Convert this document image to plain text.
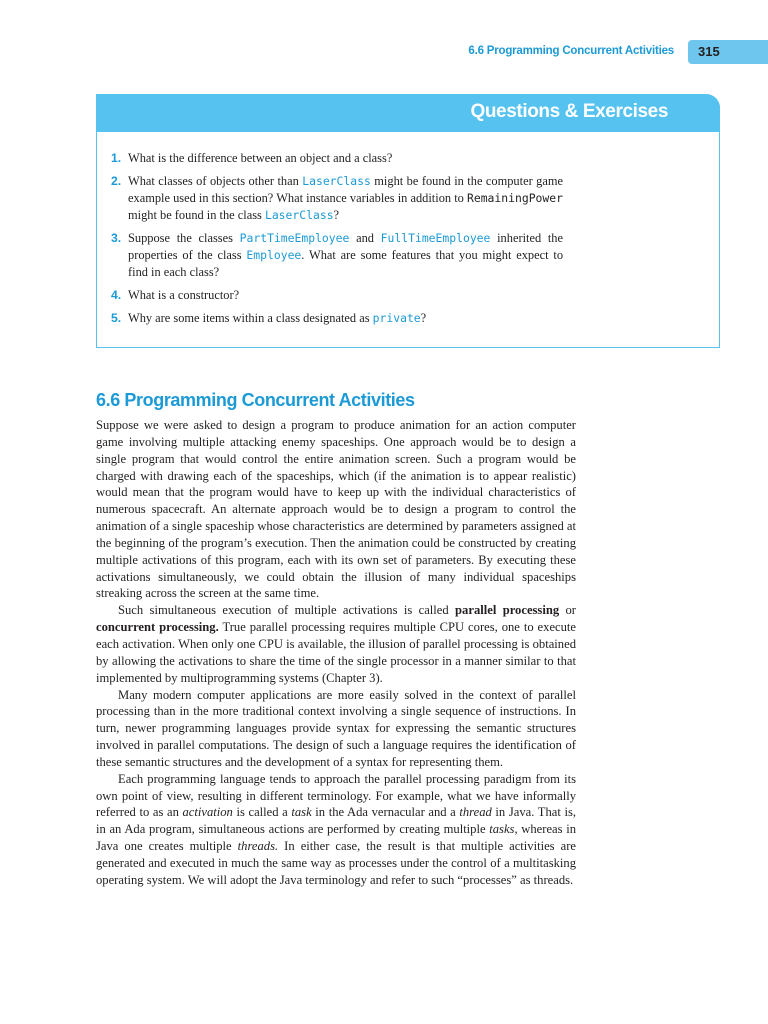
6.6 Programming Concurrent Activities 315
Questions & Exercises
1. What is the difference between an object and a class?
2. What classes of objects other than LaserClass might be found in the computer game example used in this section? What instance variables in addition to RemainingPower might be found in the class LaserClass?
3. Suppose the classes PartTimeEmployee and FullTimeEmployee inherited the properties of the class Employee. What are some features that you might expect to find in each class?
4. What is a constructor?
5. Why are some items within a class designated as private?
6.6 Programming Concurrent Activities

Suppose we were asked to design a program to produce animation for an action computer game involving multiple attacking enemy spaceships. One approach would be to design a single program that would control the entire animation screen. Such a program would be charged with drawing each of the spaceships, which (if the animation is to appear realistic) would mean that the program would have to keep up with the individual characteristics of numerous spacecraft. An alternate approach would be to design a program to control the animation of a single spaceship whose characteristics are determined by parameters assigned at the beginning of the program’s execution. Then the animation could be constructed by creating multiple activations of this program, each with its own set of parameters. By executing these activations simultaneously, we could obtain the illusion of many individual spaceships streaking across the screen at the same time.

Such simultaneous execution of multiple activations is called parallel processing or concurrent processing. True parallel processing requires multiple CPU cores, one to execute each activation. When only one CPU is available, the illusion of parallel processing is obtained by allowing the activations to share the time of the single processor in a manner similar to that implemented by multiprogramming systems (Chapter 3).

Many modern computer applications are more easily solved in the context of parallel processing than in the more traditional context involving a single sequence of instructions. In turn, newer programming languages provide syntax for expressing the semantic structures involved in parallel computations. The design of such a language requires the identification of these semantic structures and the development of a syntax for representing them.

Each programming language tends to approach the parallel processing paradigm from its own point of view, resulting in different terminology. For example, what we have informally referred to as an activation is called a task in the Ada vernacular and a thread in Java. That is, in an Ada program, simultaneous actions are performed by creating multiple tasks, whereas in Java one creates multiple threads. In either case, the result is that multiple activities are generated and executed in much the same way as processes under the control of a multitasking operating system. We will adopt the Java terminology and refer to such “processes” as threads.
